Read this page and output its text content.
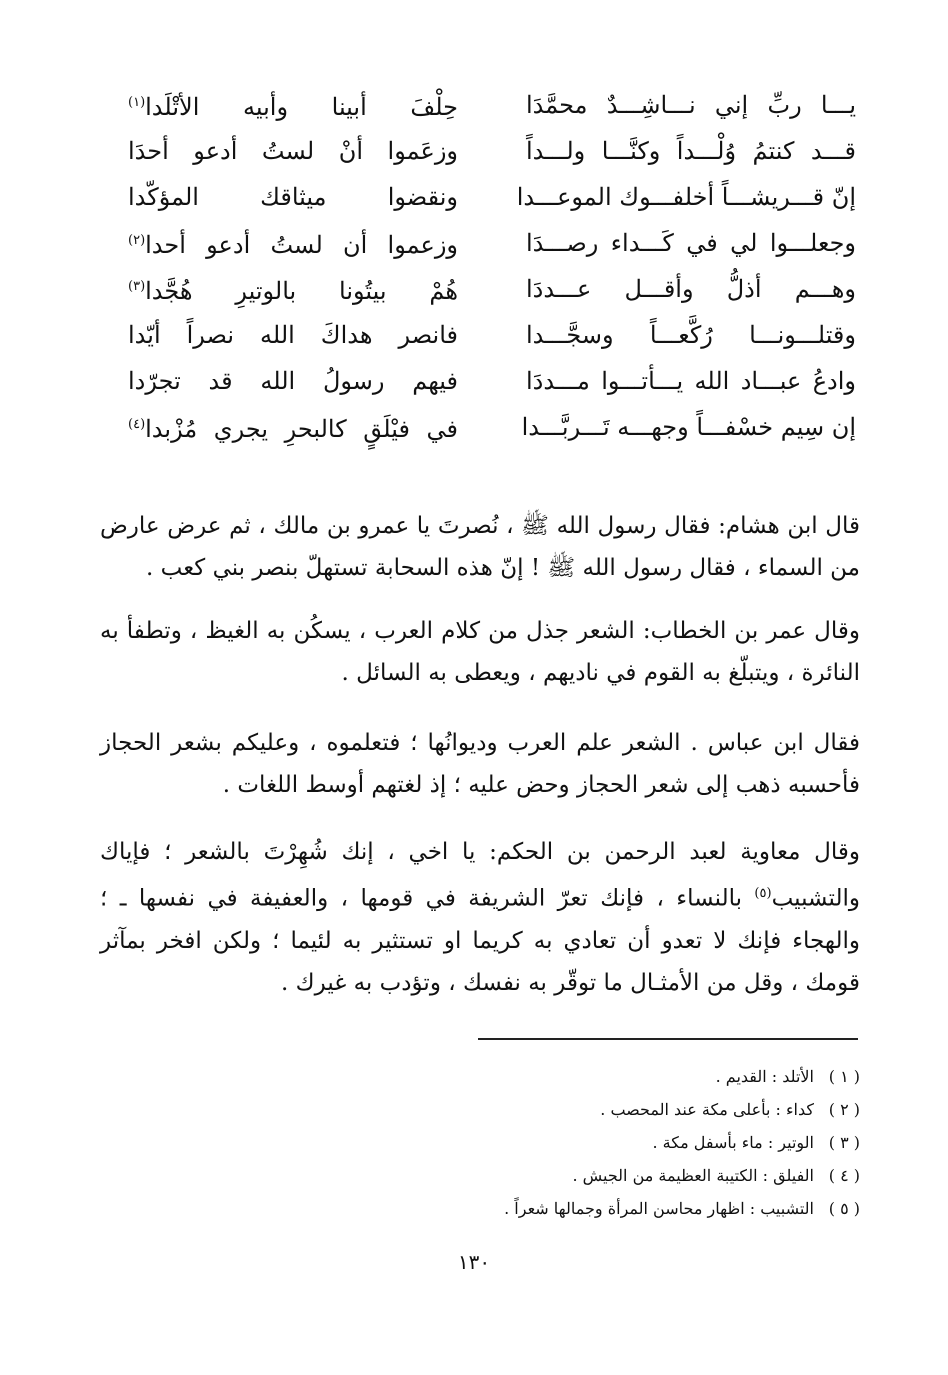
يـــا ربِّ إني نـــاشِـــدٌ محمَّدَا
حِلْفَ أبينا وأبيه الأتْلَدا$^{(١)}$
قـــد كنتمُ وُلْـــداً وكنَّـــا ولـــداً
وزعَموا أنْ لستُ أدعو أحدَا
إنّ قـــريشـــاً أخلفـــوك الموعـــدا
ونقضوا ميثاقك المؤكّدا
وجعلـــوا لي في كَـــداء رصـــدَا
وزعموا أن لستُ أدعو أحدا$^{(٢)}$
وهـــم أذلُّ وأقـــل عـــددَا
هُمْ بيتُونا بالوتيرِ هُجَّدا$^{(٣)}$
وقتلـــونـــا رُكَّعـــاً وسجَّـــدا
فانصر هداكَ الله نصراً أيّدا
وادعُ عبـــاد الله يـــأتـــوا مـــددَا
فيهم رسولُ الله قد تجرّدا
إن سِيم خسْفـــاً وجهـــه تَـــربَّـــدا
في فيْلَقٍ كالبحرِ يجري مُزْبدا$^{(٤)}$

قال ابن هشام: فقال رسول الله ﷺ ، نُصرتَ يا عمرو بن مالك ، ثم عرض عارض من السماء ، فقال رسول الله ﷺ ! إنّ هذه السحابة تستهلّ بنصر بني كعب .

وقال عمر بن الخطاب: الشعر جذل من كلام العرب ، يسكُن به الغيظ ، وتطفأ به النائرة ، ويتبلّغ به القوم في ناديهم ، ويعطى به السائل .

فقال ابن عباس . الشعر علم العرب وديوانُها ؛ فتعلموه ، وعليكم بشعر الحجاز فأحسبه ذهب إلى شعر الحجاز وحض عليه ؛ إذ لغتهم أوسط اللغات .

وقال معاوية لعبد الرحمن بن الحكم: يا اخي ، إنك شُهِرْتَ بالشعر ؛ فإياك والتشبيب$^{(٥)}$ بالنساء ، فإنك تعرّ الشريفة في قومها ، والعفيفة في نفسها ـ ؛ والهجاء فإنك لا تعدو أن تعادي به كريما او تستثير به لئيما ؛ ولكن افخر بمآثر قومك ، وقل من الأمثـال ما توقّر به نفسك ، وتؤدب به غيرك .

( ١ )
الأتلد : القديم .
( ٢ )
كداء : بأعلى مكة عند المحصب .
( ٣ )
الوتير : ماء بأسفل مكة .
( ٤ )
الفيلق : الكتيبة العظيمة من الجيش .
( ٥ )
التشبيب : اظهار محاسن المرأة وجمالها شعراً .
١٣٠
